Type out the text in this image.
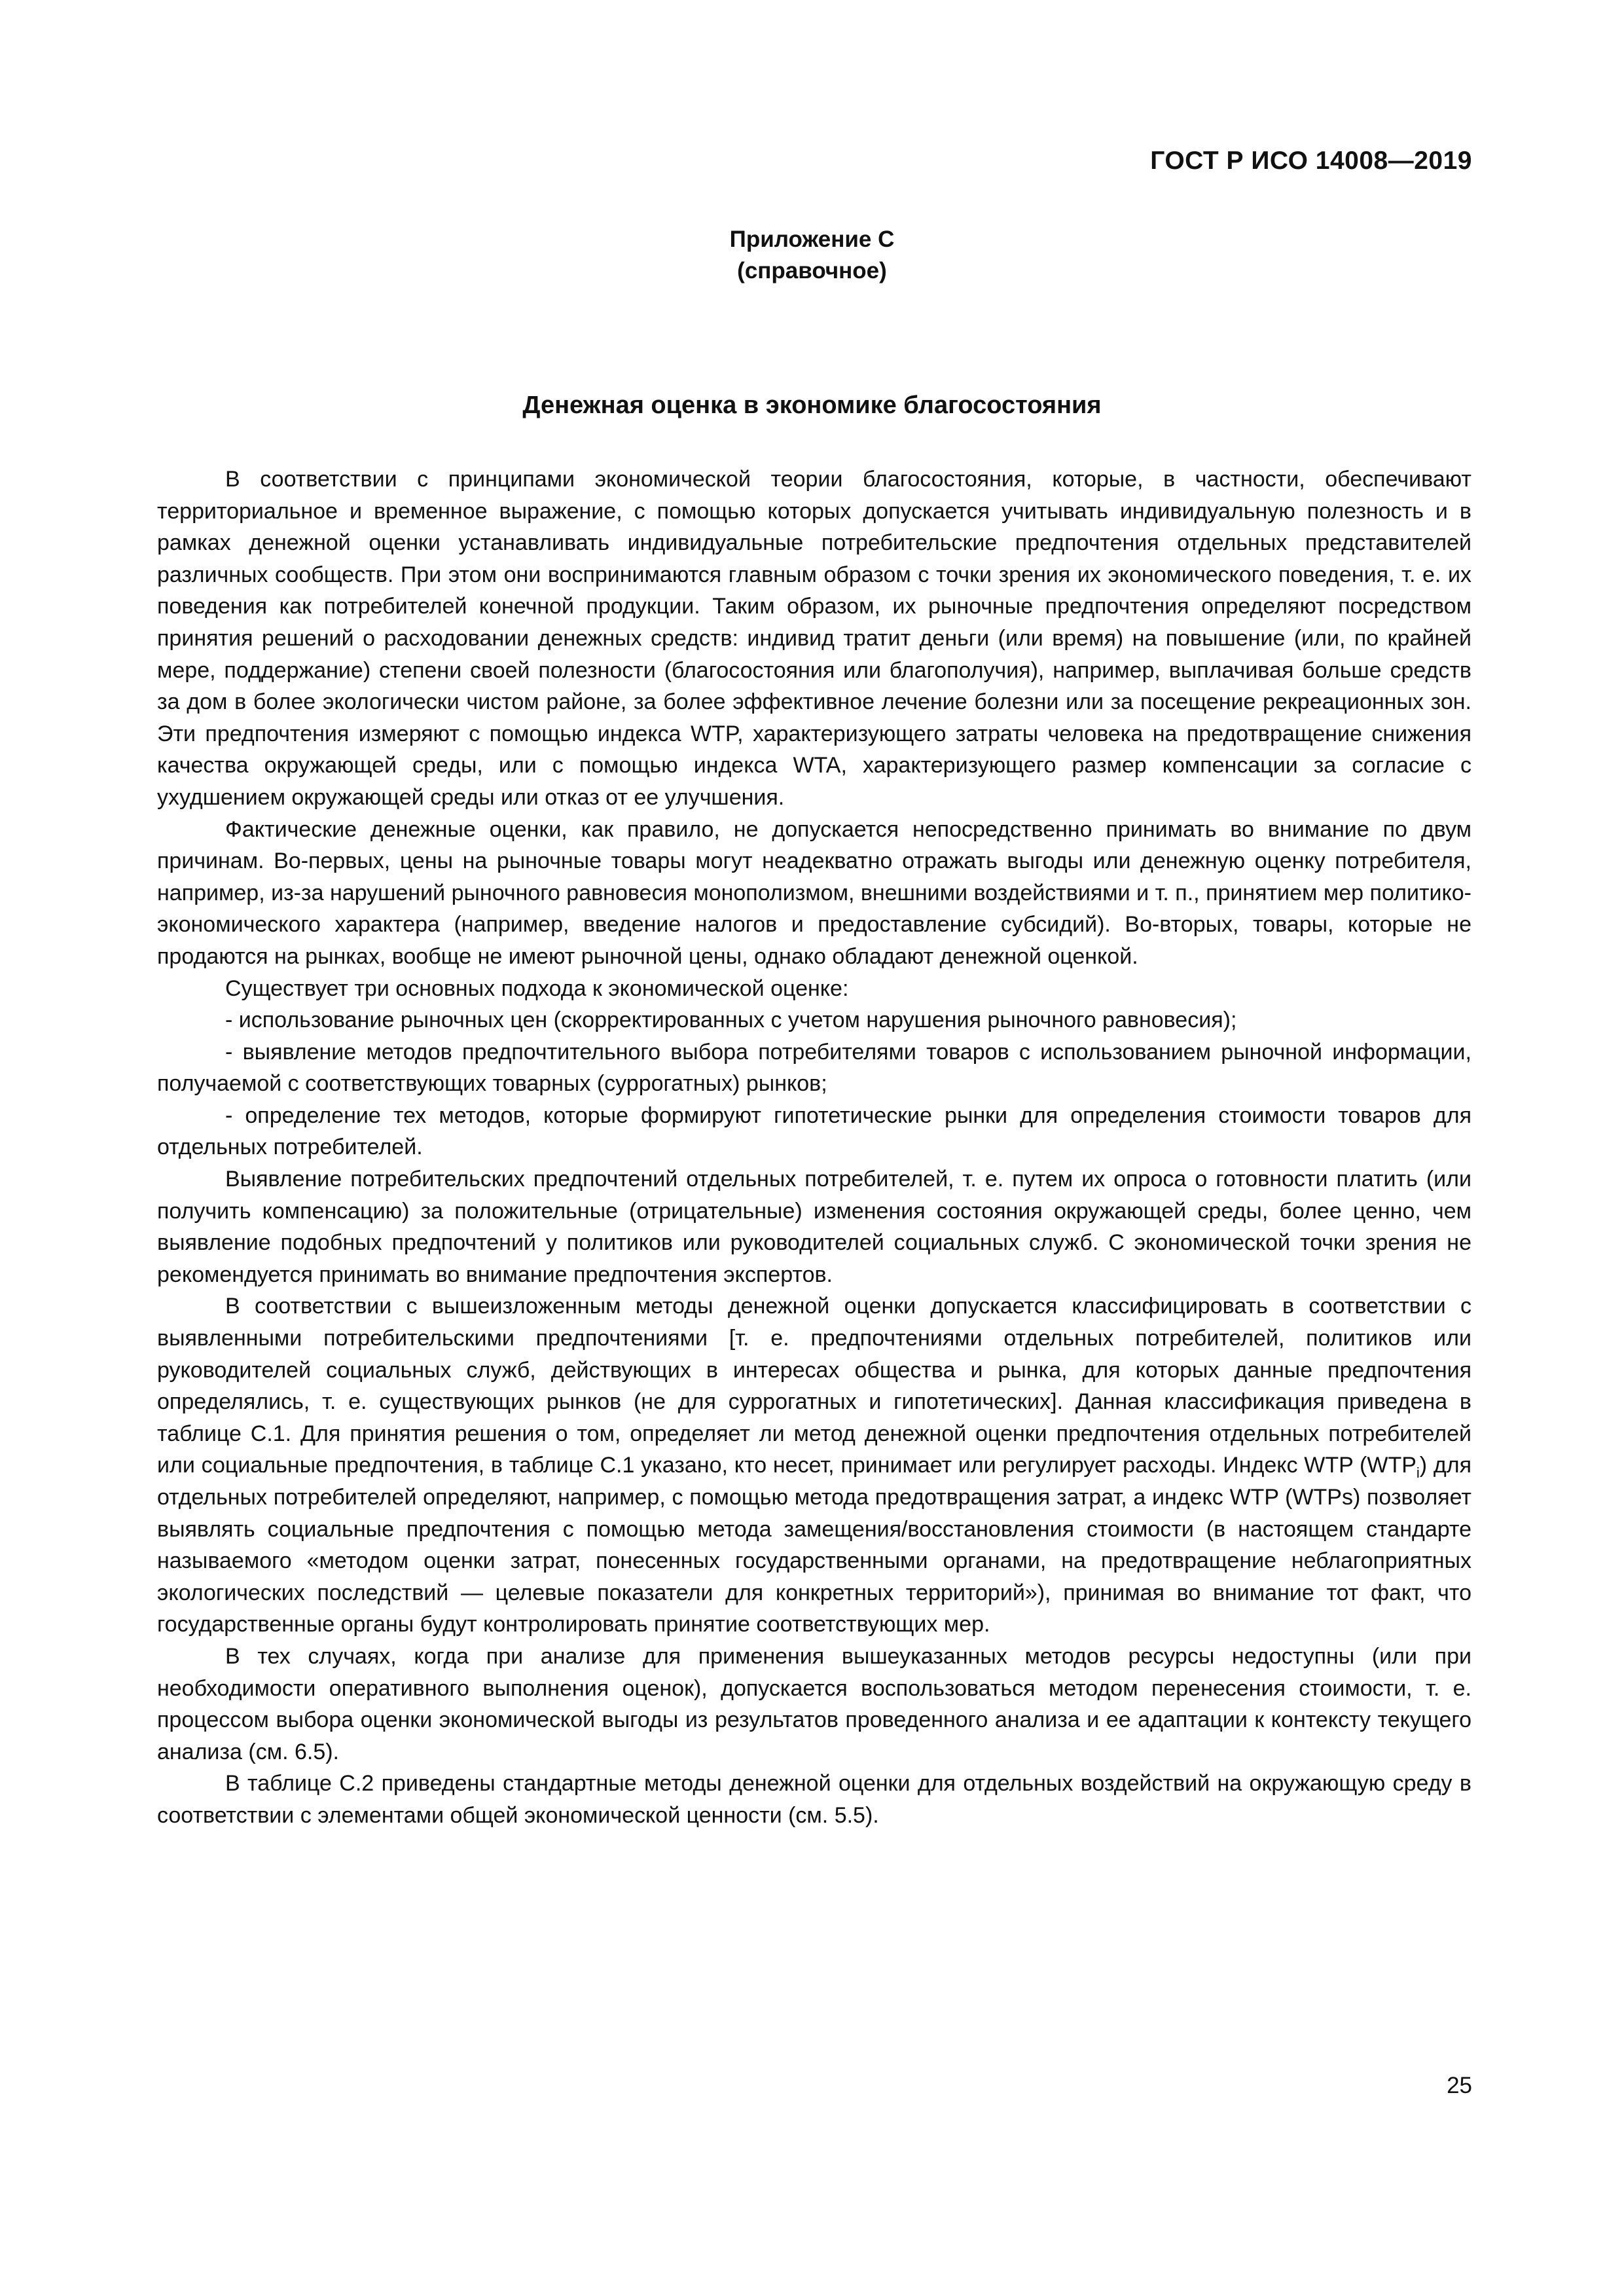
ГОСТ Р ИСО 14008—2019
Приложение С
(справочное)
Денежная оценка в экономике благосостояния

В соответствии с принципами экономической теории благосостояния, которые, в частности, обеспечивают территориальное и временное выражение, с помощью которых допускается учитывать индивидуальную полезность и в рамках денежной оценки устанавливать индивидуальные потребительские предпочтения отдельных представителей различных сообществ. При этом они воспринимаются главным образом с точки зрения их экономического поведения, т. е. их поведения как потребителей конечной продукции. Таким образом, их рыночные предпочтения определяют посредством принятия решений о расходовании денежных средств: индивид тратит деньги (или время) на повышение (или, по крайней мере, поддержание) степени своей полезности (благосостояния или благополучия), например, выплачивая больше средств за дом в более экологически чистом районе, за более эффективное лечение болезни или за посещение рекреационных зон. Эти предпочтения измеряют с помощью индекса WTP, характеризующего затраты человека на предотвращение снижения качества окружающей среды, или с помощью индекса WTA, характеризующего размер компенсации за согласие с ухудшением окружающей среды или отказ от ее улучшения.

Фактические денежные оценки, как правило, не допускается непосредственно принимать во внимание по двум причинам. Во-первых, цены на рыночные товары могут неадекватно отражать выгоды или денежную оценку потребителя, например, из-за нарушений рыночного равновесия монополизмом, внешними воздействиями и т. п., принятием мер политико-экономического характера (например, введение налогов и предоставление субсидий). Во-вторых, товары, которые не продаются на рынках, вообще не имеют рыночной цены, однако обладают денежной оценкой.

Существует три основных подхода к экономической оценке:

- использование рыночных цен (скорректированных с учетом нарушения рыночного равновесия);

- выявление методов предпочтительного выбора потребителями товаров с использованием рыночной информации, получаемой с соответствующих товарных (суррогатных) рынков;

- определение тех методов, которые формируют гипотетические рынки для определения стоимости товаров для отдельных потребителей.

Выявление потребительских предпочтений отдельных потребителей, т. е. путем их опроса о готовности платить (или получить компенсацию) за положительные (отрицательные) изменения состояния окружающей среды, более ценно, чем выявление подобных предпочтений у политиков или руководителей социальных служб. С экономической точки зрения не рекомендуется принимать во внимание предпочтения экспертов.

В соответствии с вышеизложенным методы денежной оценки допускается классифицировать в соответствии с выявленными потребительскими предпочтениями [т. е. предпочтениями отдельных потребителей, политиков или руководителей социальных служб, действующих в интересах общества и рынка, для которых данные предпочтения определялись, т. е. существующих рынков (не для суррогатных и гипотетических]. Данная классификация приведена в таблице С.1. Для принятия решения о том, определяет ли метод денежной оценки предпочтения отдельных потребителей или социальные предпочтения, в таблице С.1 указано, кто несет, принимает или регулирует расходы. Индекс WTP $(WTP_i)$ для отдельных потребителей определяют, например, с помощью метода предотвращения затрат, а индекс WTP (WTPs) позволяет выявлять социальные предпочтения с помощью метода замещения/восстановления стоимости (в настоящем стандарте называемого «методом оценки затрат, понесенных государственными органами, на предотвращение неблагоприятных экологических последствий — целевые показатели для конкретных территорий»), принимая во внимание тот факт, что государственные органы будут контролировать принятие соответствующих мер.

В тех случаях, когда при анализе для применения вышеуказанных методов ресурсы недоступны (или при необходимости оперативного выполнения оценок), допускается воспользоваться методом перенесения стоимости, т. е. процессом выбора оценки экономической выгоды из результатов проведенного анализа и ее адаптации к контексту текущего анализа (см. 6.5).

В таблице С.2 приведены стандартные методы денежной оценки для отдельных воздействий на окружающую среду в соответствии с элементами общей экономической ценности (см. 5.5).

25
